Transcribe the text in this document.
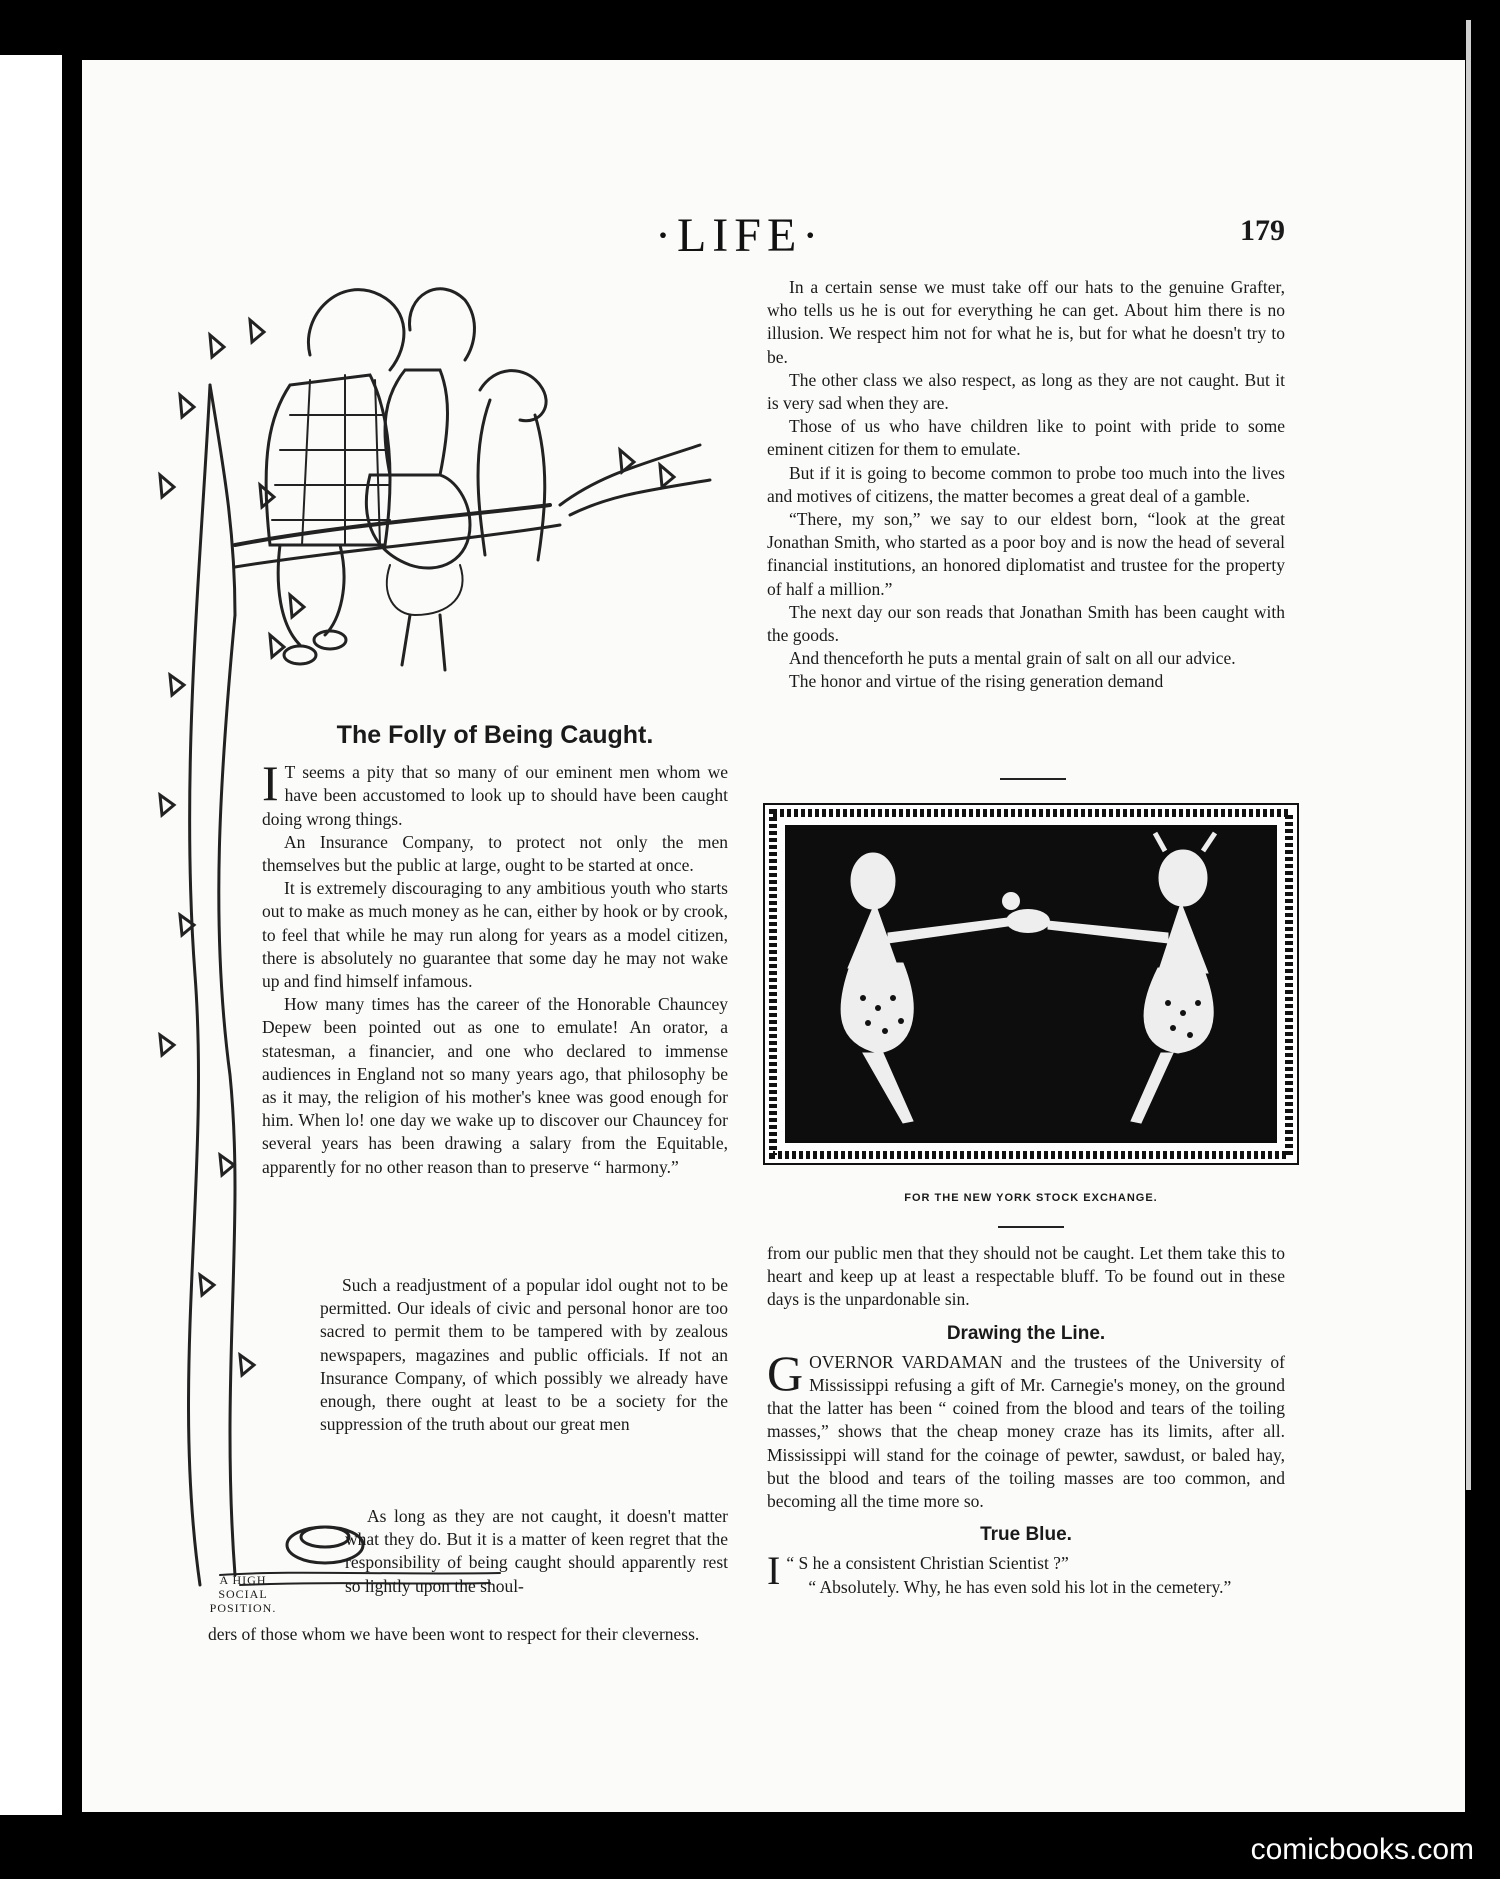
·LIFE·	179
A HIGH SOCIAL POSITION.
The Folly of Being Caught.

I T seems a pity that so many of our eminent men whom we have been accustomed to look up to should have been caught doing wrong things.

An Insurance Company, to protect not only the men themselves but the public at large, ought to be started at once.

It is extremely discouraging to any ambitious youth who starts out to make as much money as he can, either by hook or by crook, to feel that while he may run along for years as a model citizen, there is absolutely no guarantee that some day he may not wake up and find himself infamous.

How many times has the career of the Honorable Chauncey Depew been pointed out as one to emulate! An orator, a statesman, a financier, and one who declared to immense audiences in England not so many years ago, that philosophy be as it may, the religion of his mother's knee was good enough for him. When lo! one day we wake up to discover our Chauncey for several years has been drawing a salary from the Equitable, apparently for no other reason than to preserve “ harmony.”

Such a readjustment of a popular idol ought not to be permitted. Our ideals of civic and personal honor are too sacred to permit them to be tampered with by zealous newspapers, magazines and public officials. If not an Insurance Company, of which possibly we already have enough, there ought at least to be a society for the suppression of the truth about our great men

As long as they are not caught, it doesn't matter what they do. But it is a matter of keen regret that the responsibility of being caught should apparently rest so lightly upon the shoul-

ders of those whom we have been wont to respect for their cleverness.

In a certain sense we must take off our hats to the genuine Grafter, who tells us he is out for everything he can get. About him there is no illusion. We respect him not for what he is, but for what he doesn't try to be.

The other class we also respect, as long as they are not caught. But it is very sad when they are.

Those of us who have children like to point with pride to some eminent citizen for them to emulate.

But if it is going to become common to probe too much into the lives and motives of citizens, the matter becomes a great deal of a gamble.

“There, my son,” we say to our eldest born, “look at the great Jonathan Smith, who started as a poor boy and is now the head of several financial institutions, an honored diplomatist and trustee for the property of half a million.”

The next day our son reads that Jonathan Smith has been caught with the goods.

And thenceforth he puts a mental grain of salt on all our advice.

The honor and virtue of the rising generation demand

FOR THE NEW YORK STOCK EXCHANGE.

from our public men that they should not be caught. Let them take this to heart and keep up at least a respectable bluff. To be found out in these days is the unpardonable sin.

Drawing the Line.

GOVERNOR VARDAMAN and the trustees of the University of Mississippi refusing a gift of Mr. Carnegie's money, on the ground that the latter has been “ coined from the blood and tears of the toiling masses,” shows that the cheap money craze has its limits, after all. Mississippi will stand for the coinage of pewter, sawdust, or baled hay, but the blood and tears of the toiling masses are too common, and becoming all the time more so.

True Blue.

“
I S he a consistent Christian Scientist ?”

“ Absolutely. Why, he has even sold his lot in the cemetery.”

comicbooks.com
